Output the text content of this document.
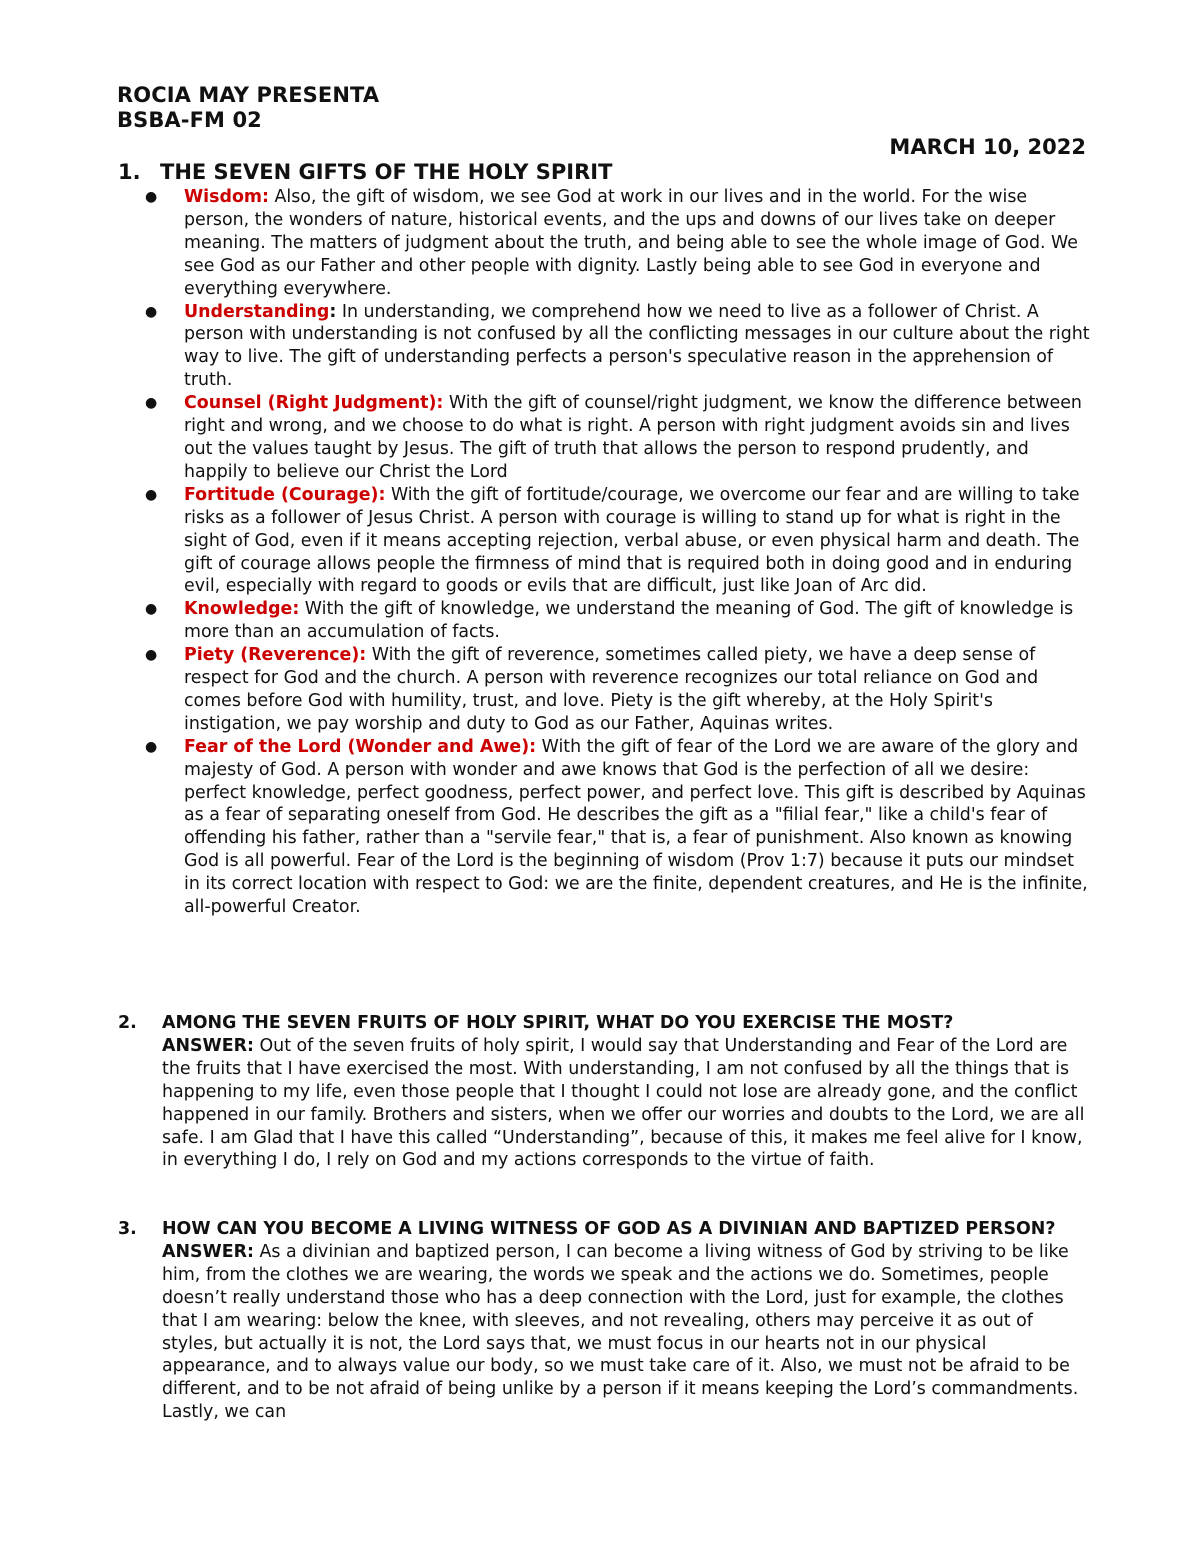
ROCIA MAY PRESENTA
BSBA-FM 02
MARCH 10, 2022
1. THE SEVEN GIFTS OF THE HOLY SPIRIT
● Wisdom: Also, the gift of wisdom, we see God at work in our lives and in the world. For the wise person, the wonders of nature, historical events, and the ups and downs of our lives take on deeper meaning. The matters of judgment about the truth, and being able to see the whole image of God. We see God as our Father and other people with dignity. Lastly being able to see God in everyone and everything everywhere.
● Understanding: In understanding, we comprehend how we need to live as a follower of Christ. A person with understanding is not confused by all the conflicting messages in our culture about the right way to live. The gift of understanding perfects a person's speculative reason in the apprehension of truth.
● Counsel (Right Judgment): With the gift of counsel/right judgment, we know the difference between right and wrong, and we choose to do what is right. A person with right judgment avoids sin and lives out the values taught by Jesus. The gift of truth that allows the person to respond prudently, and happily to believe our Christ the Lord
● Fortitude (Courage): With the gift of fortitude/courage, we overcome our fear and are willing to take risks as a follower of Jesus Christ. A person with courage is willing to stand up for what is right in the sight of God, even if it means accepting rejection, verbal abuse, or even physical harm and death. The gift of courage allows people the firmness of mind that is required both in doing good and in enduring evil, especially with regard to goods or evils that are difficult, just like Joan of Arc did.
● Knowledge: With the gift of knowledge, we understand the meaning of God. The gift of knowledge is more than an accumulation of facts.
● Piety (Reverence): With the gift of reverence, sometimes called piety, we have a deep sense of respect for God and the church. A person with reverence recognizes our total reliance on God and comes before God with humility, trust, and love. Piety is the gift whereby, at the Holy Spirit's instigation, we pay worship and duty to God as our Father, Aquinas writes.
● Fear of the Lord (Wonder and Awe): With the gift of fear of the Lord we are aware of the glory and majesty of God. A person with wonder and awe knows that God is the perfection of all we desire: perfect knowledge, perfect goodness, perfect power, and perfect love. This gift is described by Aquinas as a fear of separating oneself from God. He describes the gift as a "filial fear," like a child's fear of offending his father, rather than a "servile fear," that is, a fear of punishment. Also known as knowing God is all powerful. Fear of the Lord is the beginning of wisdom (Prov 1:7) because it puts our mindset in its correct location with respect to God: we are the finite, dependent creatures, and He is the infinite, all-powerful Creator.
2. AMONG THE SEVEN FRUITS OF HOLY SPIRIT, WHAT DO YOU EXERCISE THE MOST?
ANSWER: Out of the seven fruits of holy spirit, I would say that Understanding and Fear of the Lord are the fruits that I have exercised the most. With understanding, I am not confused by all the things that is happening to my life, even those people that I thought I could not lose are already gone, and the conflict happened in our family. Brothers and sisters, when we offer our worries and doubts to the Lord, we are all safe. I am Glad that I have this called “Understanding”, because of this, it makes me feel alive for I know, in everything I do, I rely on God and my actions corresponds to the virtue of faith.
3. HOW CAN YOU BECOME A LIVING WITNESS OF GOD AS A DIVINIAN AND BAPTIZED PERSON?
ANSWER: As a divinian and baptized person, I can become a living witness of God by striving to be like him, from the clothes we are wearing, the words we speak and the actions we do. Sometimes, people doesn’t really understand those who has a deep connection with the Lord, just for example, the clothes that I am wearing: below the knee, with sleeves, and not revealing, others may perceive it as out of styles, but actually it is not, the Lord says that, we must focus in our hearts not in our physical appearance, and to always value our body, so we must take care of it. Also, we must not be afraid to be different, and to be not afraid of being unlike by a person if it means keeping the Lord’s commandments. Lastly, we can
